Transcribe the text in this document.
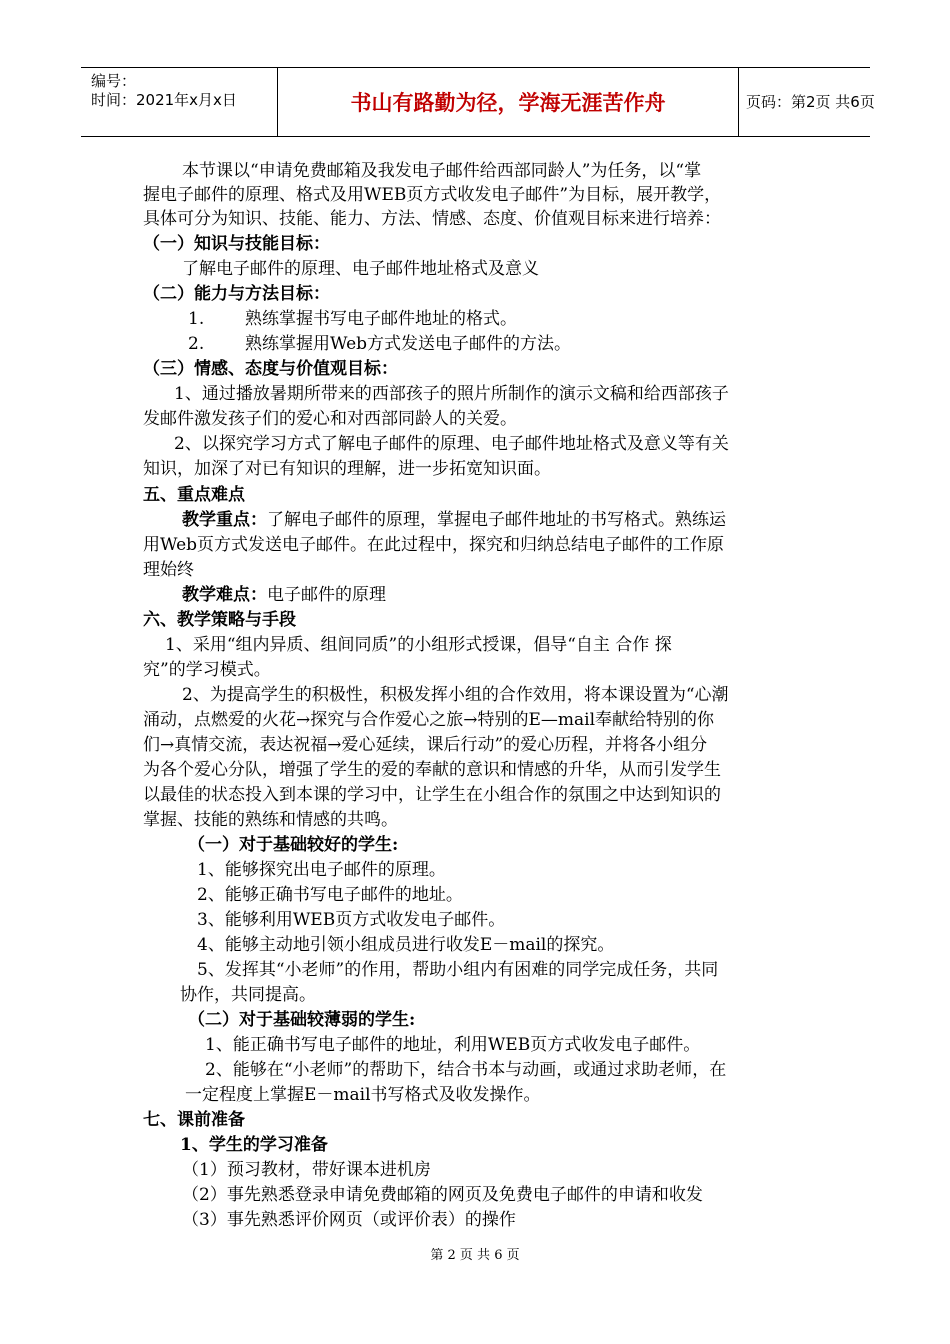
编号：
时间：2021年x月x日	书山有路勤为径，学海无涯苦作舟	页码：第2页 共6页
本节课以“申请免费邮箱及我发电子邮件给西部同龄人”为任务，以“掌
握电子邮件的原理、格式及用WEB页方式收发电子邮件”为目标，展开教学，
具体可分为知识、技能、能力、方法、情感、态度、价值观目标来进行培养：
（一）知识与技能目标：
了解电子邮件的原理、电子邮件地址格式及意义
（二）能力与方法目标：
1. 熟练掌握书写电子邮件地址的格式。
2. 熟练掌握用Web方式发送电子邮件的方法。
（三）情感、态度与价值观目标：
1、通过播放暑期所带来的西部孩子的照片所制作的演示文稿和给西部孩子
发邮件激发孩子们的爱心和对西部同龄人的关爱。
2、以探究学习方式了解电子邮件的原理、电子邮件地址格式及意义等有关
知识，加深了对已有知识的理解，进一步拓宽知识面。
五、重点难点
教学重点：了解电子邮件的原理，掌握电子邮件地址的书写格式。熟练运
用Web页方式发送电子邮件。在此过程中，探究和归纳总结电子邮件的工作原
理始终
教学难点：电子邮件的原理
六、教学策略与手段
1、采用“组内异质、组间同质”的小组形式授课，倡导“自主 合作 探
究”的学习模式。
2、为提高学生的积极性，积极发挥小组的合作效用，将本课设置为“心潮
涌动，点燃爱的火花→探究与合作爱心之旅→特别的E—mail奉献给特别的你
们→真情交流，表达祝福→爱心延续，课后行动”的爱心历程，并将各小组分
为各个爱心分队，增强了学生的爱的奉献的意识和情感的升华，从而引发学生
以最佳的状态投入到本课的学习中，让学生在小组合作的氛围之中达到知识的
掌握、技能的熟练和情感的共鸣。
（一）对于基础较好的学生:
1、能够探究出电子邮件的原理。
2、能够正确书写电子邮件的地址。
3、能够利用WEB页方式收发电子邮件。
4、能够主动地引领小组成员进行收发E－mail的探究。
5、发挥其“小老师”的作用，帮助小组内有困难的同学完成任务，共同
协作，共同提高。
（二）对于基础较薄弱的学生:
1、能正确书写电子邮件的地址，利用WEB页方式收发电子邮件。
2、能够在“小老师”的帮助下，结合书本与动画，或通过求助老师，在
一定程度上掌握E－mail书写格式及收发操作。
七、课前准备
1、学生的学习准备
（1）预习教材，带好课本进机房
（2）事先熟悉登录申请免费邮箱的网页及免费电子邮件的申请和收发
（3）事先熟悉评价网页（或评价表）的操作
第 2 页 共 6 页
